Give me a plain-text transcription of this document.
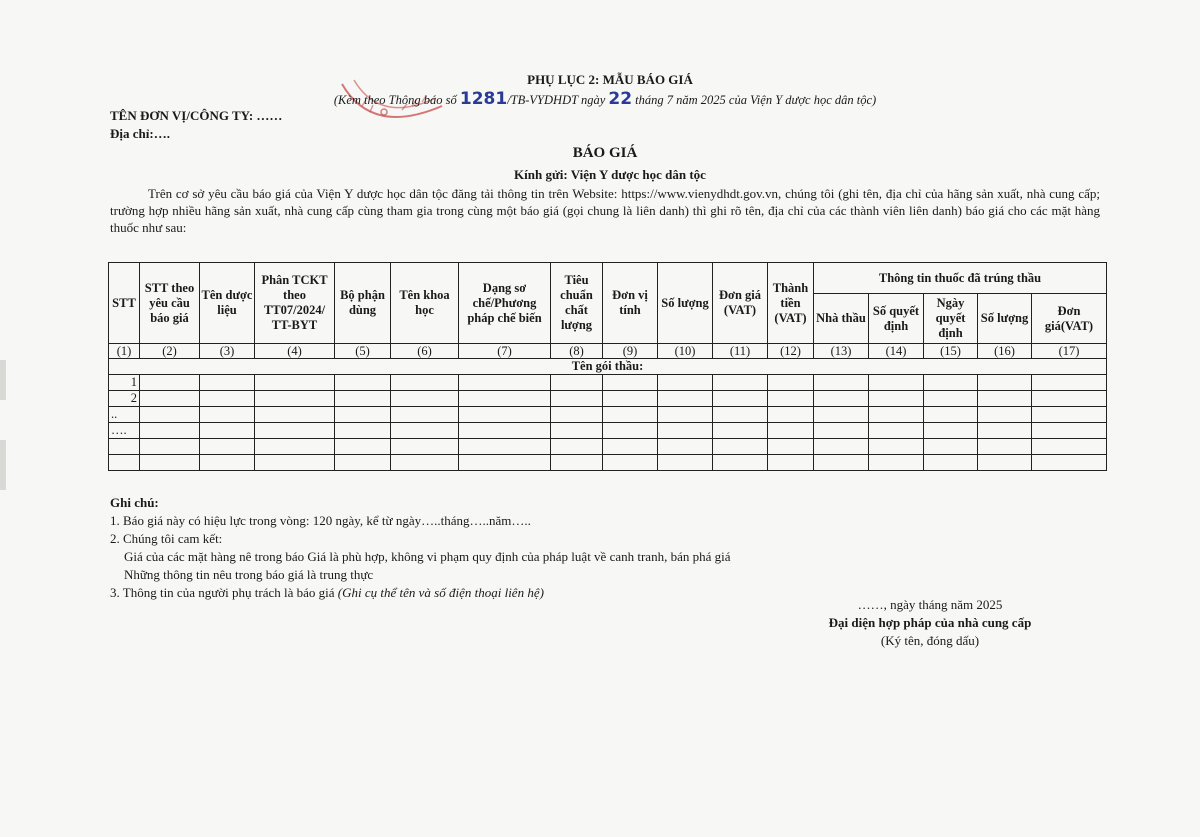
PHỤ LỤC 2: MẪU BÁO GIÁ
(Kèm theo Thông báo số 1281/TB-VYDHDT ngày 22 tháng 7 năm 2025 của Viện Y dược học dân tộc)
TÊN ĐƠN VỊ/CÔNG TY: ……
Địa chỉ:….
BÁO GIÁ
Kính gửi: Viện Y dược học dân tộc
Trên cơ sở yêu cầu báo giá của Viện Y dược học dân tộc đăng tải thông tin trên Website: https://www.vienydhdt.gov.vn, chúng tôi (ghi tên, địa chỉ của hãng sản xuất, nhà cung cấp; trường hợp nhiều hãng sản xuất, nhà cung cấp cùng tham gia trong cùng một báo giá (gọi chung là liên danh) thì ghi rõ tên, địa chỉ của các thành viên liên danh) báo giá cho các mặt hàng thuốc như sau:
STT	STT theo yêu cầu báo giá	Tên dược liệu	Phân TCKT theo TT07/2024/ TT-BYT	Bộ phận dùng	Tên khoa học	Dạng sơ chế/Phương pháp chế biến	Tiêu chuẩn chất lượng	Đơn vị tính	Số lượng	Đơn giá (VAT)	Thành tiền (VAT)	Thông tin thuốc đã trúng thầu				
												Nhà thầu	Số quyết định	Ngày quyết định	Số lượng	Đơn giá(VAT)
(1)	(2)	(3)	(4)	(5)	(6)	(7)	(8)	(9)	(10)	(11)	(12)	(13)	(14)	(15)	(16)	(17)
Tên gói thầu:																
1																
2																
..																
….																

Ghi chú:
1. Báo giá này có hiệu lực trong vòng: 120 ngày, kể từ ngày…..tháng…..năm…..
2. Chúng tôi cam kết:
Giá của các mặt hàng nê trong báo Giá là phù hợp, không vi phạm quy định của pháp luật về canh tranh, bán phá giá
Những thông tin nêu trong báo giá là trung thực
3. Thông tin của người phụ trách là báo giá (Ghi cụ thể tên và số điện thoại liên hệ)
……, ngày tháng năm 2025
Đại diện hợp pháp của nhà cung cấp
(Ký tên, đóng dấu)
